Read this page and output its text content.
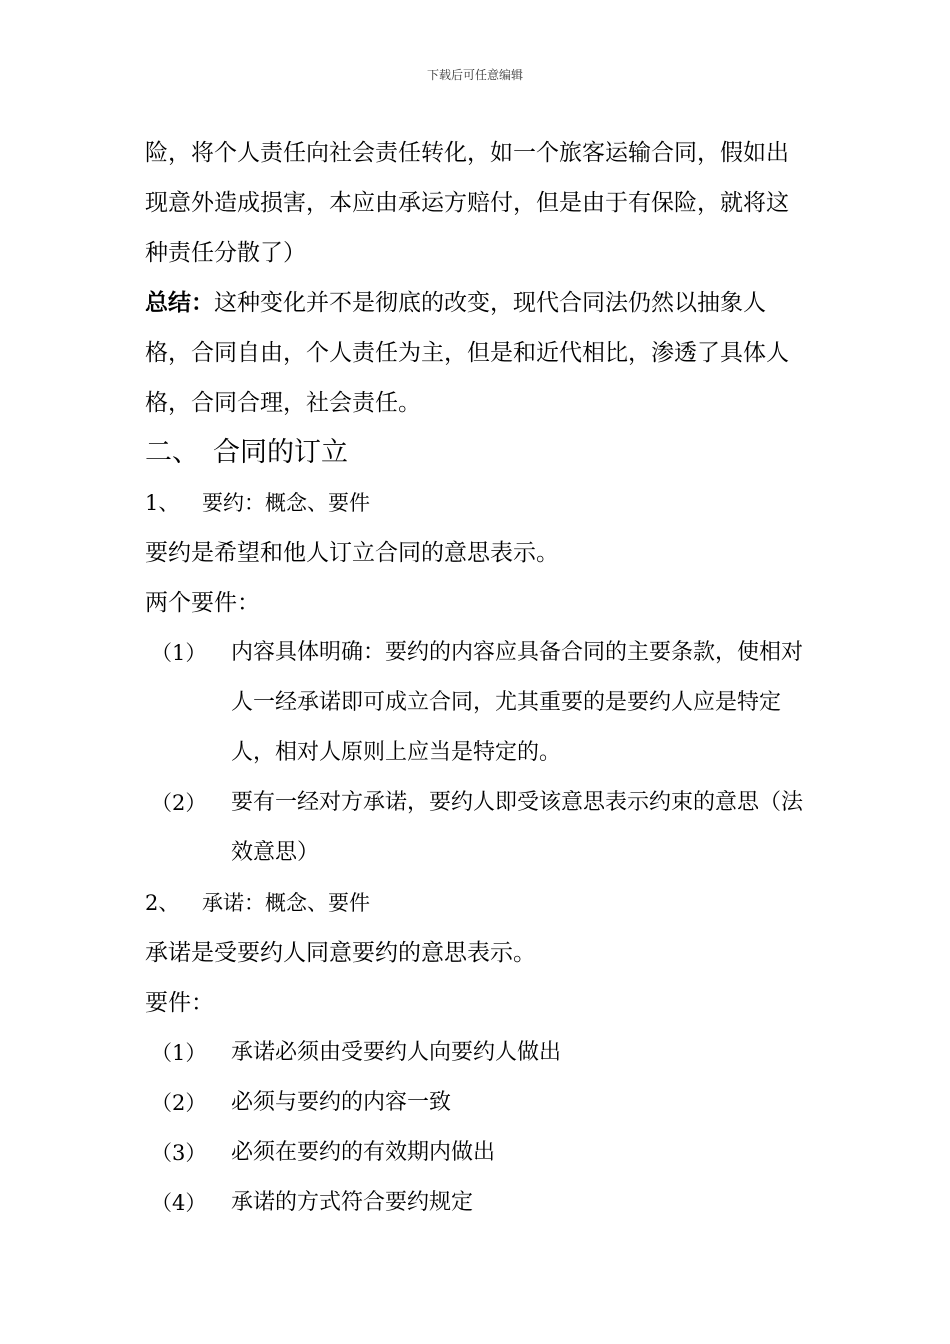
下载后可任意编辑

险，将个人责任向社会责任转化，如一个旅客运输合同，假如出现意外造成损害，本应由承运方赔付，但是由于有保险，就将这种责任分散了）

总结：这种变化并不是彻底的改变，现代合同法仍然以抽象人格，合同自由，个人责任为主，但是和近代相比，渗透了具体人格，合同合理，社会责任。

二、 合同的订立

1、 要约：概念、要件

要约是希望和他人订立合同的意思表示。

两个要件：

（1）	内容具体明确：要约的内容应具备合同的主要条款，使相对人一经承诺即可成立合同，尤其重要的是要约人应是特定人，相对人原则上应当是特定的。
（2）	要有一经对方承诺，要约人即受该意思表示约束的意思（法效意思）

2、 承诺：概念、要件

承诺是受要约人同意要约的意思表示。

要件：

（1）	承诺必须由受要约人向要约人做出
（2）	必须与要约的内容一致
（3）	必须在要约的有效期内做出
（4）	承诺的方式符合要约规定
